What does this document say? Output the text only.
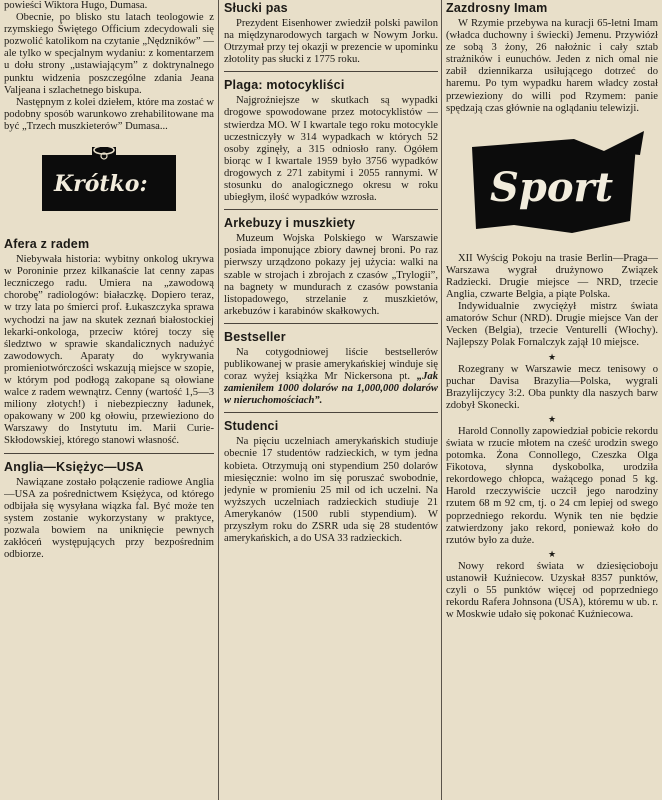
powieści Wiktora Hugo, Dumasa.

Obecnie, po blisko stu latach teologowie z rzymskiego Świętego Officium zdecydowali się pozwolić katolikom na czytanie „Nędzników” — ale tylko w specjalnym wydaniu: z komentarzem u dołu strony „ustawiającym” z doktrynalnego punktu widzenia poszczególne zdania Jeana Valjeana i szlachetnego biskupa.

Następnym z kolei dziełem, które ma zostać w podobny sposób warunkowo zrehabilitowane ma być „Trzech muszkieterów” Dumasa...

Krótko:
Afera z radem

Niebywała historia: wybitny onkolog ukrywa w Poroninie przez kilkanaście lat cenny zapas leczniczego radu. Umiera na „zawodową chorobę” radiologów: białaczkę. Dopiero teraz, w trzy lata po śmierci prof. Łukaszczyka sprawa wychodzi na jaw na skutek zeznań białostockiej lekarki-onkologa, przeciw której toczy się śledztwo w sprawie skandalicznych nadużyć zawodowych. Aparaty do wykrywania promieniotwórczości wskazują miejsce w szopie, w którym pod podłogą zakopane są ołowiane walce z radem wewnątrz. Cenny (wartość 1,5—3 miliony złotych!) i niebezpieczny ładunek, opakowany w 200 kg ołowiu, przewieziono do Warszawy do Instytutu im. Marii Curie-Skłodowskiej, którego stanowi własność.

Anglia—Księżyc—USA

Nawiązane zostało połączenie radiowe Anglia—USA za pośrednictwem Księżyca, od którego odbijała się wysyłana wiązka fal. Być może ten system zostanie wykorzystany w praktyce, pozwala bowiem na uniknięcie pewnych zakłóceń występujących przy bezpośrednim odbiorze.

Słucki pas

Prezydent Eisenhower zwiedził polski pawilon na międzynarodowych targach w Nowym Jorku. Otrzymał przy tej okazji w prezencie w upominku złotolity pas słucki z 1775 roku.

Plaga: motocykliści

Najgroźniejsze w skutkach są wypadki drogowe spowodowane przez motocyklistów — stwierdza MO. W I kwartale tego roku motocykle uczestniczyły w 314 wypadkach w których 52 osoby zginęły, a 315 odniosło rany. Ogółem biorąc w I kwartale 1959 było 3756 wypadków drogowych z 271 zabitymi i 2055 rannymi. W stosunku do analogicznego okresu w roku ubiegłym, ilość wypadków wzrosła.

Arkebuzy i muszkiety

Muzeum Wojska Polskiego w Warszawie posiada imponujące zbiory dawnej broni. Po raz pierwszy urządzono pokazy jej użycia: walki na szable w strojach i zbrojach z czasów „Trylogii”, na bagnety w mundurach z czasów powstania listopadowego, strzelanie z muszkietów, arkebuzów i karabinów skałkowych.

Bestseller

Na cotygodniowej liście bestsellerów publikowanej w prasie amerykańskiej winduje się coraz wyżej książka Mr Nickersona pt. „Jak zamieniłem 1000 dolarów na 1,000,000 dolarów w nieruchomościach”.

Studenci

Na pięciu uczelniach amerykańskich studiuje obecnie 17 studentów radzieckich, w tym jedna kobieta. Otrzymują oni stypendium 250 dolarów miesięcznie: wolno im się poruszać swobodnie, jedynie w promieniu 25 mil od ich uczelni. Na wyższych uczelniach radzieckich studiuje 21 Amerykanów (1500 rubli stypendium). W przyszłym roku do ZSRR uda się 28 studentów amerykańskich, a do USA 33 radzieckich.

Zazdrosny Imam

W Rzymie przebywa na kuracji 65-letni Imam (władca duchowny i świecki) Jemenu. Przywiózł ze sobą 3 żony, 26 nałożnic i cały sztab strażników i eunuchów. Jeden z nich omal nie zabił dziennikarza usiłującego dotrzeć do haremu. Po tym wypadku harem władcy został przewieziony do willi pod Rzymem: panie spędzają czas głównie na oglądaniu telewizji.

Sport

XII Wyścig Pokoju na trasie Berlin—Praga—Warszawa wygrał drużynowo Związek Radziecki. Drugie miejsce — NRD, trzecie Anglia, czwarte Belgia, a piąte Polska.

Indywidualnie zwyciężył mistrz świata amatorów Schur (NRD). Drugie miejsce Van der Vecken (Belgia), trzecie Venturelli (Włochy). Najlepszy Polak Fornalczyk zajął 10 miejsce.

★

Rozegrany w Warszawie mecz tenisowy o puchar Davisa Brazylia—Polska, wygrali Brazylijczycy 3:2. Oba punkty dla naszych barw zdobył Skonecki.

★

Harold Connolly zapowiedział pobicie rekordu świata w rzucie młotem na cześć urodzin swego potomka. Żona Connollego, Czeszka Olga Fikotova, słynna dyskobolka, urodziła rekordowego chłopca, ważącego ponad 5 kg. Harold rzeczywiście uczcił jego narodziny rzutem 68 m 92 cm, tj. o 24 cm lepiej od swego poprzedniego rekordu. Wynik ten nie będzie zatwierdzony jako rekord, ponieważ koło do rzutów było za duże.

★

Nowy rekord świata w dziesięcioboju ustanowił Kuźniecow. Uzyskał 8357 punktów, czyli o 55 punktów więcej od poprzedniego rekordu Rafera Johnsona (USA), któremu w ub. r. w Moskwie udało się pokonać Kuźniecowa.
